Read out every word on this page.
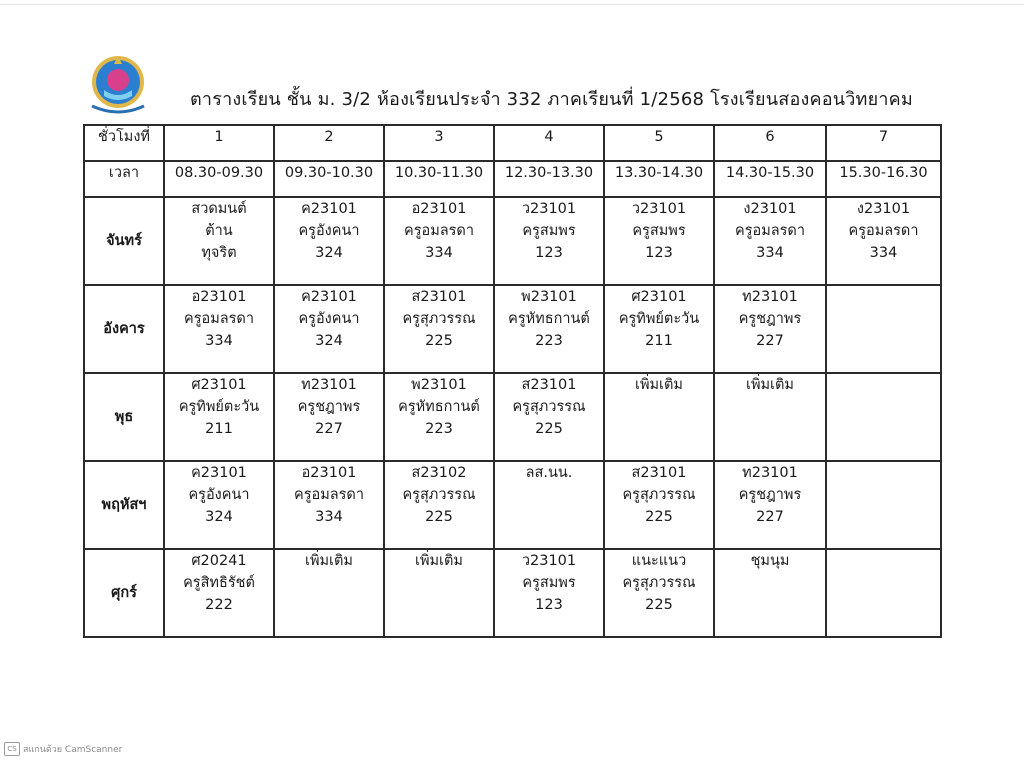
ตารางเรียน ชั้น ม. 3/2 ห้องเรียนประจำ 332 ภาคเรียนที่ 1/2568 โรงเรียนสองคอนวิทยาคม
ชั่วโมงที่	1	2	3	4	5	6	7
เวลา	08.30-09.30	09.30-10.30	10.30-11.30	12.30-13.30	13.30-14.30	14.30-15.30	15.30-16.30
จันทร์	สวดมนต์
ต้าน
ทุจริต	ค23101
ครูอังคนา
324	อ23101
ครูอมลรดา
334	ว23101
ครูสมพร
123	ว23101
ครูสมพร
123	ง23101
ครูอมลรดา
334	ง23101
ครูอมลรดา
334

อังคาร	อ23101
ครูอมลรดา
334	ค23101
ครูอังคนา
324	ส23101
ครูสุภวรรณ
225	พ23101
ครูหัทธกานต์
223	ศ23101
ครูทิพย์ตะวัน
211	ท23101
ครูชฎาพร
227	

พุธ	ศ23101
ครูทิพย์ตะวัน
211	ท23101
ครูชฎาพร
227	พ23101
ครูหัทธกานต์
223	ส23101
ครูสุภวรรณ
225	เพิ่มเติม	เพิ่มเติม	

พฤหัสฯ	ค23101
ครูอังคนา
324	อ23101
ครูอมลรดา
334	ส23102
ครูสุภวรรณ
225	ลส.นน.	ส23101
ครูสุภวรรณ
225	ท23101
ครูชฎาพร
227	

ศุกร์	ศ20241
ครูสิทธิรัชต์
222	เพิ่มเติม	เพิ่มเติม	ว23101
ครูสมพร
123	แนะแนว
ครูสุภวรรณ
225	ชุมนุม	

CS สแกนด้วย CamScanner
